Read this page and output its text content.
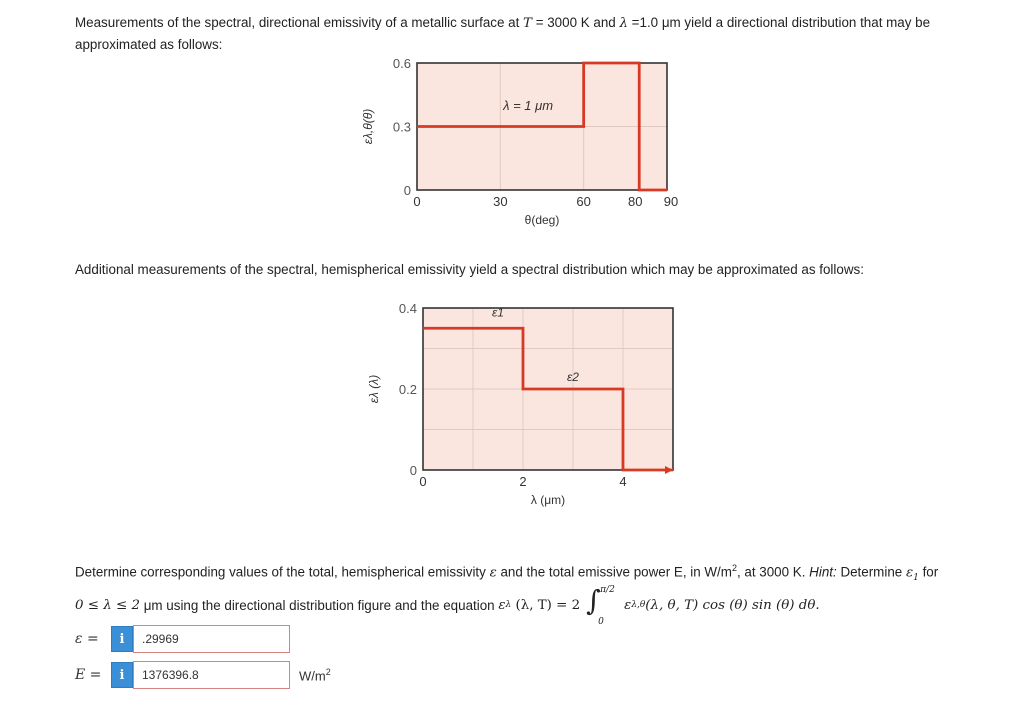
Measurements of the spectral, directional emissivity of a metallic surface at T = 3000 K and λ =1.0 μm yield a directional distribution that may be approximated as follows:
0	30	60	80 90
0
0.3
0.6
θ(deg)
ελ,θ(θ)
λ = 1 μm
Additional measurements of the spectral, hemispherical emissivity yield a spectral distribution which may be approximated as follows:
0	2	4
0
0.2
0.4
λ (μm)
ελ (λ)
ε1
ε2
Determine corresponding values of the total, hemispherical emissivity ε and the total emissive power E, in $W/m^2$, at 3000 K. Hint: Determine $\varepsilon_1$ for
0 ≤ λ ≤ 2 μm using the directional distribution figure and the equation ε λ (λ, T) = 2 ∫ π/2
0
ε λ,θ (λ, θ, T) cos (θ) sin (θ) dθ.
ε =	i
.29969
E =	i
1376396.8	$W/m^2$
